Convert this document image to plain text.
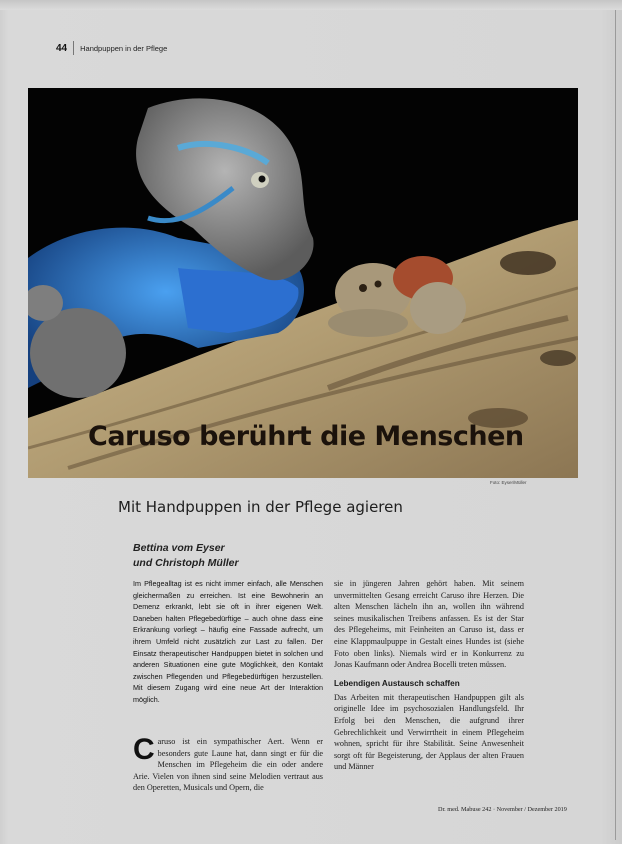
44 Handpuppen in der Pflege
Caruso berührt die Menschen
Foto: Eyser/Müller
Mit Handpuppen in der Pflege agieren
Bettina vom Eyser
und Christoph Müller
Im Pflegealltag ist es nicht immer einfach, alle Menschen gleichermaßen zu erreichen. Ist eine Bewohnerin an Demenz erkrankt, lebt sie oft in ihrer eigenen Welt. Daneben halten Pflegebedürftige – auch ohne dass eine Erkrankung vorliegt – häufig eine Fassade aufrecht, um ihrem Umfeld nicht zusätzlich zur Last zu fallen. Der Einsatz therapeutischer Handpuppen bietet in solchen und anderen Situationen eine gute Möglichkeit, den Kontakt zwischen Pflegenden und Pflegebedürftigen herzustellen. Mit diesem Zugang wird eine neue Art der Interaktion möglich.
Caruso ist ein sympathischer Aert. Wenn er besonders gute Laune hat, dann singt er für die Menschen im Pflegeheim die ein oder andere Arie. Vielen von ihnen sind seine Melodien vertraut aus den Operetten, Musicals und Opern, die
sie in jüngeren Jahren gehört haben. Mit seinem unvermittelten Gesang erreicht Caruso ihre Herzen. Die alten Menschen lächeln ihn an, wollen ihn während seines musikalischen Treibens anfassen. Es ist der Star des Pflegeheims, mit Feinheiten an Caruso ist, dass er eine Klappmaulpuppe in Gestalt eines Hundes ist (siehe Foto oben links). Niemals wird er in Konkurrenz zu Jonas Kaufmann oder Andrea Bocelli treten müssen.
Lebendigen Austausch schaffen
Das Arbeiten mit therapeutischen Handpuppen gilt als originelle Idee im psychosozialen Handlungsfeld. Ihr Erfolg bei den Menschen, die aufgrund ihrer Gebrechlichkeit und Verwirrtheit in einem Pflegeheim wohnen, spricht für ihre Stabilität. Seine Anwesenheit sorgt oft für Begeisterung, der Applaus der alten Frauen und Männer
Dr. med. Mabuse 242 · November / Dezember 2019
